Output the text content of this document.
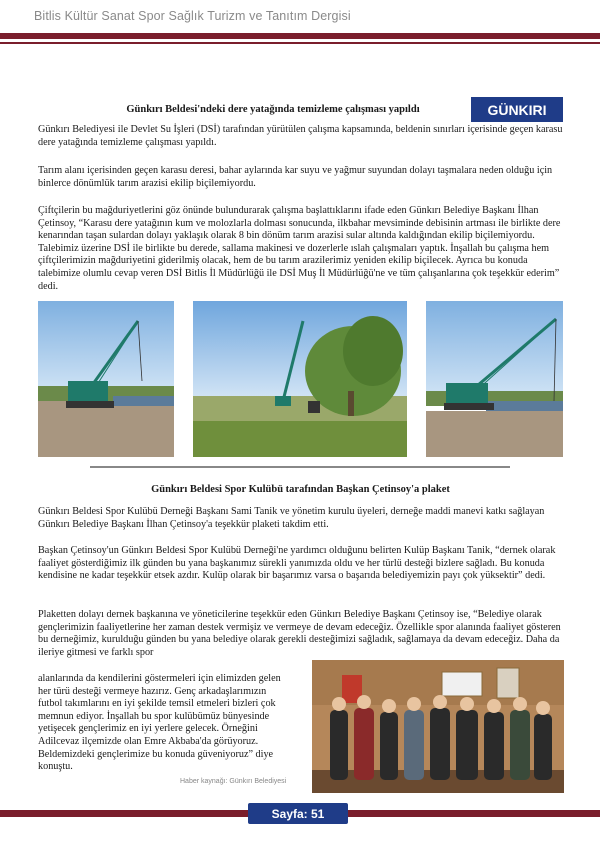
Bitlis Kültür Sanat Spor Sağlık Turizm ve Tanıtım Dergisi
GÜNKIRI
Günkırı Beldesi'ndeki dere yatağında temizleme çalışması yapıldı

Günkırı Belediyesi ile Devlet Su İşleri (DSİ) tarafından yürütülen çalışma kapsamında, beldenin sınırları içerisinde geçen karasu dere yatağında temizleme çalışması yapıldı.

Tarım alanı içerisinden geçen karasu deresi, bahar aylarında kar suyu ve yağmur suyundan dolayı taşmalara neden olduğu için binlerce dönümlük tarım arazisi ekilip biçilemiyordu.

Çiftçilerin bu mağduriyetlerini göz önünde bulundurarak çalışma başlattıklarını ifade eden Günkırı Belediye Başkanı İlhan Çetinsoy, “Karasu dere yatağının kum ve molozlarla dolması sonucunda, ilkbahar mevsiminde debisinin artması ile birlikte dere kenarından taşan sulardan dolayı yaklaşık olarak 8 bin dönüm tarım arazisi sular altında kaldığından ekilip biçilemiyordu. Talebimiz üzerine DSİ ile birlikte bu derede, sallama makinesi ve dozerlerle ıslah çalışmaları yaptık. İnşallah bu çalışma hem çiftçilerimizin mağduriyetini giderilmiş olacak, hem de bu tarım arazilerimiz yeniden ekilip biçilecek. Ayrıca bu konuda talebimize olumlu cevap veren DSİ Bitlis İl Müdürlüğü ile DSİ Muş İl Müdürlüğü'ne ve tüm çalışanlarına çok teşekkür ederim” dedi.

Günkırı Beldesi Spor Kulübü tarafından Başkan Çetinsoy'a plaket

Günkırı Beldesi Spor Kulübü Derneği Başkanı Sami Tanik ve yönetim kurulu üyeleri, derneğe maddi manevi katkı sağlayan Günkırı Belediye Başkanı İlhan Çetinsoy'a teşekkür plaketi takdim etti.

Başkan Çetinsoy'un Günkırı Beldesi Spor Kulübü Derneği'ne yardımcı olduğunu belirten Kulüp Başkanı Tanik, “dernek olarak faaliyet gösterdiğimiz ilk günden bu yana başkanımız sürekli yanımızda oldu ve her türlü desteği bizlere sağladı. Bu konuda kendisine ne kadar teşekkür etsek azdır. Kulüp olarak bir başarımız varsa o başarıda belediyemizin payı çok yüksektir” dedi.

Plaketten dolayı dernek başkanına ve yöneticilerine teşekkür eden Günkırı Belediye Başkanı Çetinsoy ise, “Belediye olarak gençlerimizin faaliyetlerine her zaman destek vermişiz ve vermeye de devam edeceğiz. Özellikle spor alanında faaliyet gösteren bu derneğimiz, kurulduğu günden bu yana belediye olarak gerekli desteğimizi sağladık, sağlamaya da devam edeceğiz. Daha da ileriye gitmesi ve farklı spor

alanlarında da kendilerini göstermeleri için elimizden gelen her türü desteği vermeye hazırız. Genç arkadaşlarımızın futbol takımlarını en iyi şekilde temsil etmeleri bizleri çok memnun ediyor. İnşallah bu spor kulübümüz bünyesinde yetişecek gençlerimiz en iyi yerlere gelecek. Örneğini Adilcevaz ilçemizde olan Emre Akbaba'da görüyoruz. Beldemizdeki gençlerimize bu konuda güveniyoruz” diye konuştu.

Haber kaynağı: Günkırı Belediyesi
Sayfa: 51
